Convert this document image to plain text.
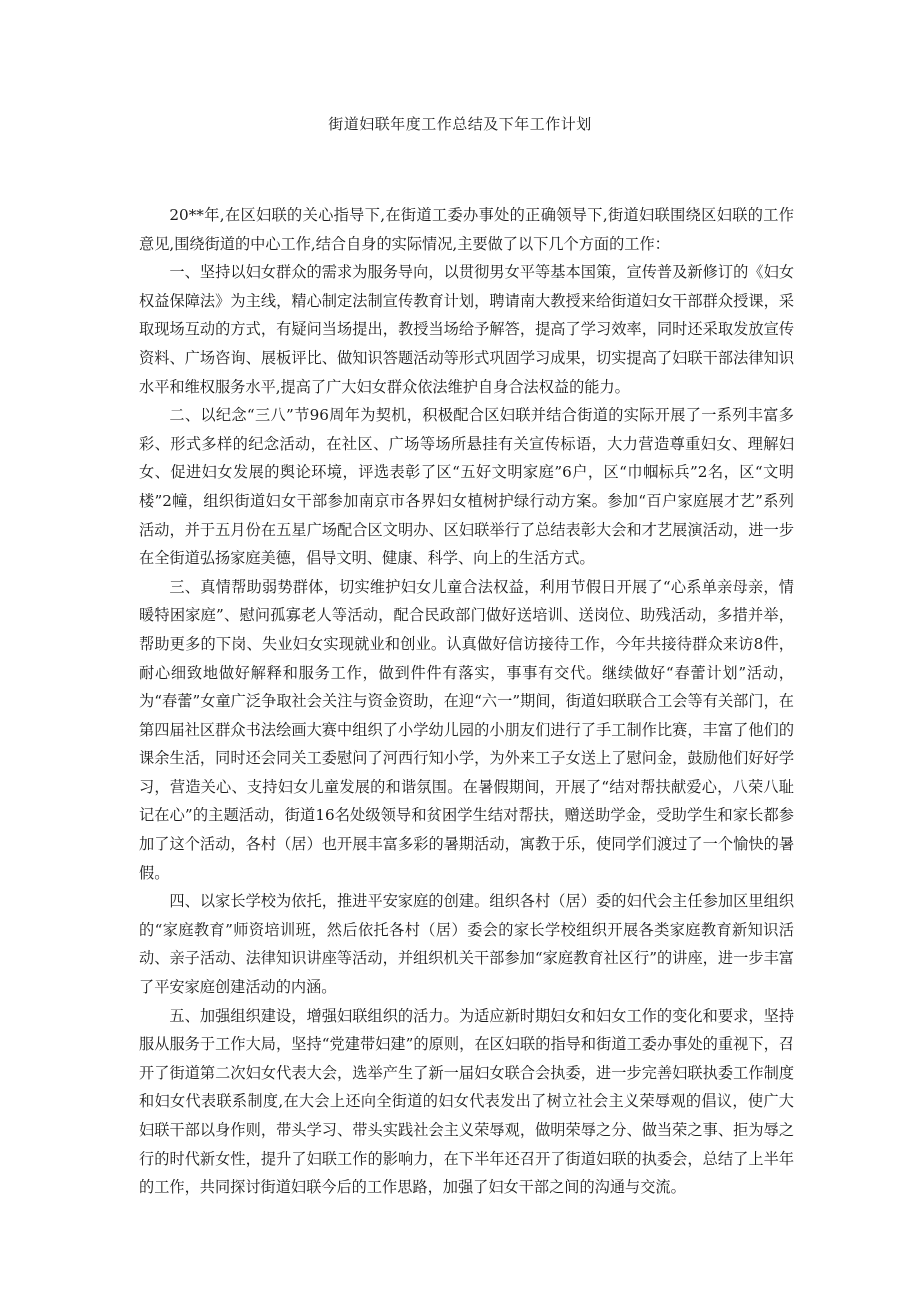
街道妇联年度工作总结及下年工作计划

20**年,在区妇联的关心指导下,在街道工委办事处的正确领导下,街道妇联围绕区妇联的工作意见,围绕街道的中心工作,结合自身的实际情况,主要做了以下几个方面的工作：

一、坚持以妇女群众的需求为服务导向，以贯彻男女平等基本国策，宣传普及新修订的《妇女权益保障法》为主线，精心制定法制宣传教育计划，聘请南大教授来给街道妇女干部群众授课，采取现场互动的方式，有疑问当场提出，教授当场给予解答，提高了学习效率，同时还采取发放宣传资料、广场咨询、展板评比、做知识答题活动等形式巩固学习成果，切实提高了妇联干部法律知识水平和维权服务水平,提高了广大妇女群众依法维护自身合法权益的能力。

二、以纪念“三八”节96周年为契机，积极配合区妇联并结合街道的实际开展了一系列丰富多彩、形式多样的纪念活动，在社区、广场等场所悬挂有关宣传标语，大力营造尊重妇女、理解妇女、促进妇女发展的舆论环境，评选表彰了区“五好文明家庭”6户，区“巾帼标兵”2名，区“文明楼”2幢，组织街道妇女干部参加南京市各界妇女植树护绿行动方案。参加“百户家庭展才艺”系列活动，并于五月份在五星广场配合区文明办、区妇联举行了总结表彰大会和才艺展演活动，进一步在全街道弘扬家庭美德，倡导文明、健康、科学、向上的生活方式。

三、真情帮助弱势群体，切实维护妇女儿童合法权益，利用节假日开展了“心系单亲母亲，情暖特困家庭”、慰问孤寡老人等活动，配合民政部门做好送培训、送岗位、助残活动，多措并举，帮助更多的下岗、失业妇女实现就业和创业。认真做好信访接待工作，今年共接待群众来访8件，耐心细致地做好解释和服务工作，做到件件有落实，事事有交代。继续做好“春蕾计划”活动，为“春蕾”女童广泛争取社会关注与资金资助，在迎“六一”期间，街道妇联联合工会等有关部门，在第四届社区群众书法绘画大赛中组织了小学幼儿园的小朋友们进行了手工制作比赛，丰富了他们的课余生活，同时还会同关工委慰问了河西行知小学，为外来工子女送上了慰问金，鼓励他们好好学习，营造关心、支持妇女儿童发展的和谐氛围。在暑假期间，开展了“结对帮扶献爱心，八荣八耻记在心”的主题活动，街道16名处级领导和贫困学生结对帮扶，赠送助学金，受助学生和家长都参加了这个活动，各村（居）也开展丰富多彩的暑期活动，寓教于乐，使同学们渡过了一个愉快的暑假。

四、以家长学校为依托，推进平安家庭的创建。组织各村（居）委的妇代会主任参加区里组织的“家庭教育”师资培训班，然后依托各村（居）委会的家长学校组织开展各类家庭教育新知识活动、亲子活动、法律知识讲座等活动，并组织机关干部参加“家庭教育社区行”的讲座，进一步丰富了平安家庭创建活动的内涵。

五、加强组织建设，增强妇联组织的活力。为适应新时期妇女和妇女工作的变化和要求，坚持服从服务于工作大局，坚持“党建带妇建”的原则，在区妇联的指导和街道工委办事处的重视下，召开了街道第二次妇女代表大会，选举产生了新一届妇女联合会执委，进一步完善妇联执委工作制度和妇女代表联系制度,在大会上还向全街道的妇女代表发出了树立社会主义荣辱观的倡议，使广大妇联干部以身作则，带头学习、带头实践社会主义荣辱观，做明荣辱之分、做当荣之事、拒为辱之行的时代新女性，提升了妇联工作的影响力，在下半年还召开了街道妇联的执委会，总结了上半年的工作，共同探讨街道妇联今后的工作思路，加强了妇女干部之间的沟通与交流。
